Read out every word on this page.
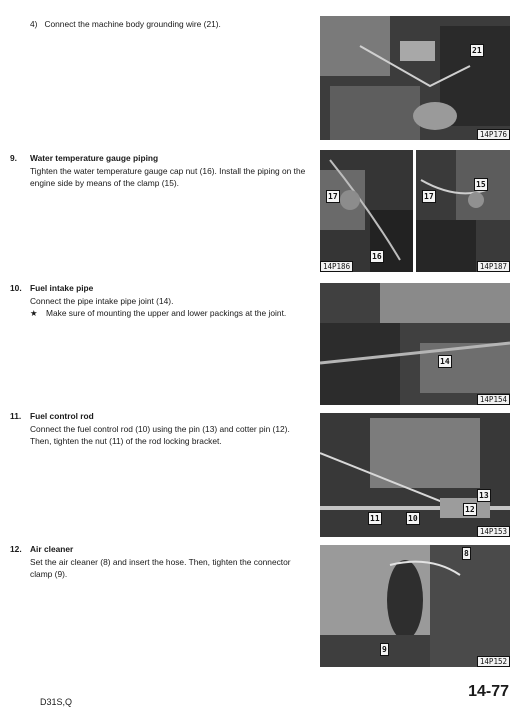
4) Connect the machine body grounding wire (21).

9. Water temperature gauge piping

Tighten the water temperature gauge cap nut (16). Install the piping on the engine side by means of the clamp (15).

10. Fuel intake pipe

Connect the pipe intake pipe joint (14).

★	Make sure of mounting the upper and lower packings at the joint.

11. Fuel control rod

Connect the fuel control rod (10) using the pin (13) and cotter pin (12). Then, tighten the nut (11) of the rod locking bracket.

12. Air cleaner

Set the air cleaner (8) and insert the hose. Then, tighten the connector clamp (9).

21
14P176
17
16
14P186
17
15
14P187
14
14P154
13
12
11	10
14P153
8
9
14P152
D31S,Q
14-77
